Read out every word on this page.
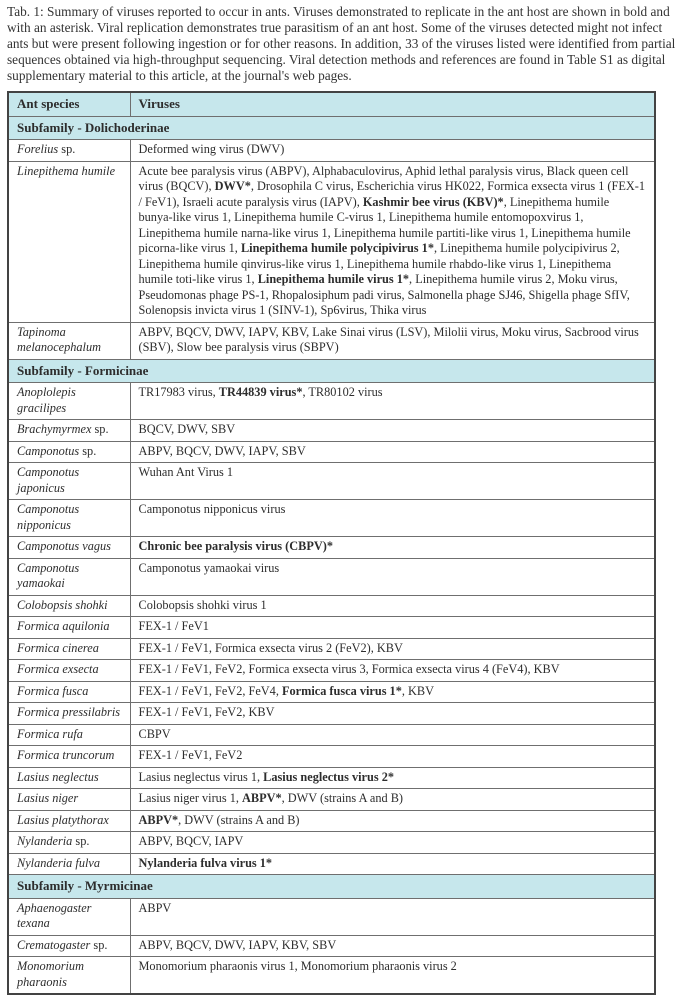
Tab. 1: Summary of viruses reported to occur in ants. Viruses demonstrated to replicate in the ant host are shown in bold and with an asterisk. Viral replication demonstrates true parasitism of an ant host. Some of the viruses detected might not infect ants but were present following ingestion or for other reasons. In addition, 33 of the viruses listed were identified from partial sequences obtained via high-throughput sequencing. Viral detection methods and references are found in Table S1 as digital supplementary material to this article, at the journal's web pages.

Ant species	Viruses
Subfamily - Dolichoderinae	
Forelius sp.	Deformed wing virus (DWV)
Linepithema humile	Acute bee paralysis virus (ABPV), Alphabaculovirus, Aphid lethal paralysis virus, Black queen cell virus (BQCV), DWV*, Drosophila C virus, Escherichia virus HK022, Formica exsecta virus 1 (FEX-1 / FeV1), Israeli acute paralysis virus (IAPV), Kashmir bee virus (KBV)*, Linepithema humile bunya-like virus 1, Linepithema humile C-virus 1, Linepithema humile entomopoxvirus 1, Linepithema humile narna-like virus 1, Linepithema humile partiti-like virus 1, Linepithema humile picorna-like virus 1, Linepithema humile polycipivirus 1*, Linepithema humile polycipivirus 2, Linepithema humile qinvirus-like virus 1, Linepithema humile rhabdo-like virus 1, Linepithema humile toti-like virus 1, Linepithema humile virus 1*, Linepithema humile virus 2, Moku virus, Pseudomonas phage PS-1, Rhopalosiphum padi virus, Salmonella phage SJ46, Shigella phage SfIV, Solenopsis invicta virus 1 (SINV-1), Sp6virus, Thika virus
Tapinoma melanocephalum	ABPV, BQCV, DWV, IAPV, KBV, Lake Sinai virus (LSV), Milolii virus, Moku virus, Sacbrood virus (SBV), Slow bee paralysis virus (SBPV)
Subfamily - Formicinae	
Anoplolepis gracilipes	TR17983 virus, TR44839 virus*, TR80102 virus
Brachymyrmex sp.	BQCV, DWV, SBV
Camponotus sp.	ABPV, BQCV, DWV, IAPV, SBV
Camponotus japonicus	Wuhan Ant Virus 1
Camponotus nipponicus	Camponotus nipponicus virus
Camponotus vagus	Chronic bee paralysis virus (CBPV)*
Camponotus yamaokai	Camponotus yamaokai virus
Colobopsis shohki	Colobopsis shohki virus 1
Formica aquilonia	FEX-1 / FeV1
Formica cinerea	FEX-1 / FeV1, Formica exsecta virus 2 (FeV2), KBV
Formica exsecta	FEX-1 / FeV1, FeV2, Formica exsecta virus 3, Formica exsecta virus 4 (FeV4), KBV
Formica fusca	FEX-1 / FeV1, FeV2, FeV4, Formica fusca virus 1*, KBV
Formica pressilabris	FEX-1 / FeV1, FeV2, KBV
Formica rufa	CBPV
Formica truncorum	FEX-1 / FeV1, FeV2
Lasius neglectus	Lasius neglectus virus 1, Lasius neglectus virus 2*
Lasius niger	Lasius niger virus 1, ABPV*, DWV (strains A and B)
Lasius platythorax	ABPV*, DWV (strains A and B)
Nylanderia sp.	ABPV, BQCV, IAPV
Nylanderia fulva	Nylanderia fulva virus 1*
Subfamily - Myrmicinae	
Aphaenogaster texana	ABPV
Crematogaster sp.	ABPV, BQCV, DWV, IAPV, KBV, SBV
Monomorium pharaonis	Monomorium pharaonis virus 1, Monomorium pharaonis virus 2
